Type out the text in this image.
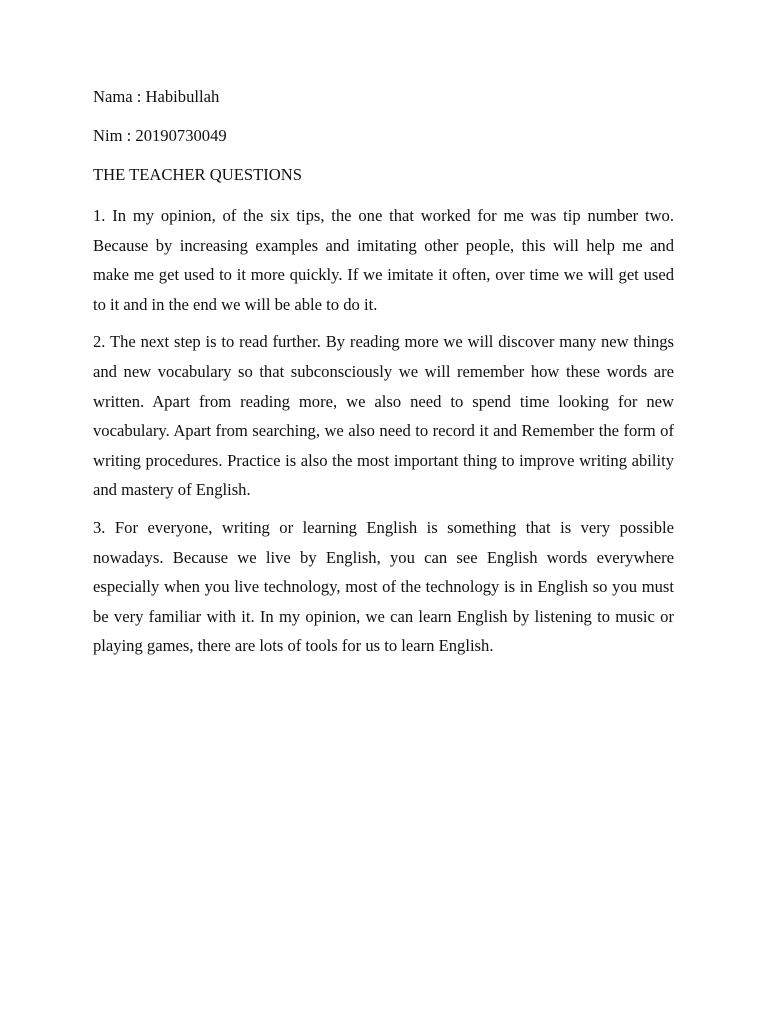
Nama : Habibullah

Nim : 20190730049

THE TEACHER QUESTIONS

1. In my opinion, of the six tips, the one that worked for me was tip number two. Because by increasing examples and imitating other people, this will help me and make me get used to it more quickly. If we imitate it often, over time we will get used to it and in the end we will be able to do it.

2. The next step is to read further. By reading more we will discover many new things and new vocabulary so that subconsciously we will remember how these words are written. Apart from reading more, we also need to spend time looking for new vocabulary. Apart from searching, we also need to record it and Remember the form of writing procedures. Practice is also the most important thing to improve writing ability and mastery of English.

3. For everyone, writing or learning English is something that is very possible nowadays. Because we live by English, you can see English words everywhere especially when you live technology, most of the technology is in English so you must be very familiar with it. In my opinion, we can learn English by listening to music or playing games, there are lots of tools for us to learn English.
